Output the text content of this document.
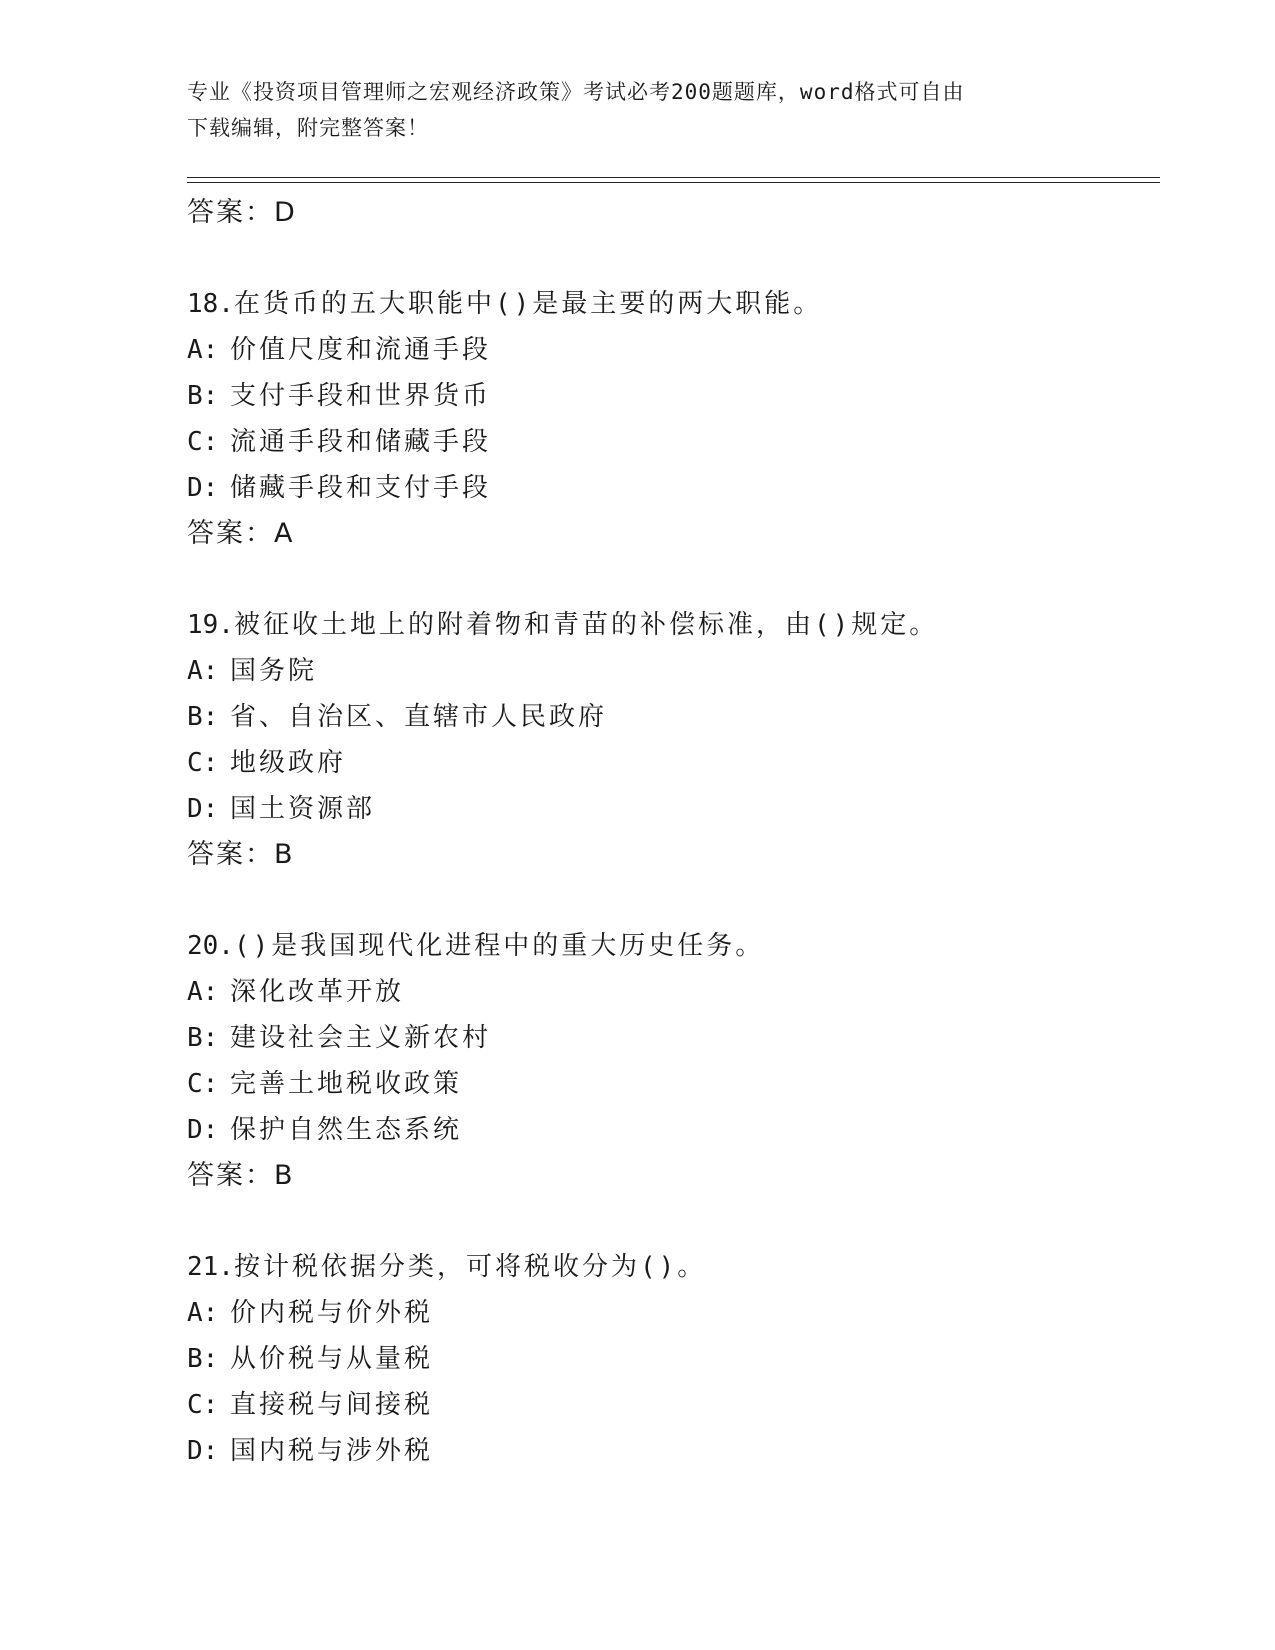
专业《投资项目管理师之宏观经济政策》考试必考200题题库，word格式可自由
下载编辑，附完整答案！
答案：D
18.在货币的五大职能中()是最主要的两大职能。
A: 价值尺度和流通手段
B: 支付手段和世界货币
C: 流通手段和储藏手段
D: 储藏手段和支付手段
答案：A
19.被征收土地上的附着物和青苗的补偿标准，由()规定。
A: 国务院
B: 省、自治区、直辖市人民政府
C: 地级政府
D: 国土资源部
答案：B
20.()是我国现代化进程中的重大历史任务。
A: 深化改革开放
B: 建设社会主义新农村
C: 完善土地税收政策
D: 保护自然生态系统
答案：B
21.按计税依据分类，可将税收分为()。
A: 价内税与价外税
B: 从价税与从量税
C: 直接税与间接税
D: 国内税与涉外税
